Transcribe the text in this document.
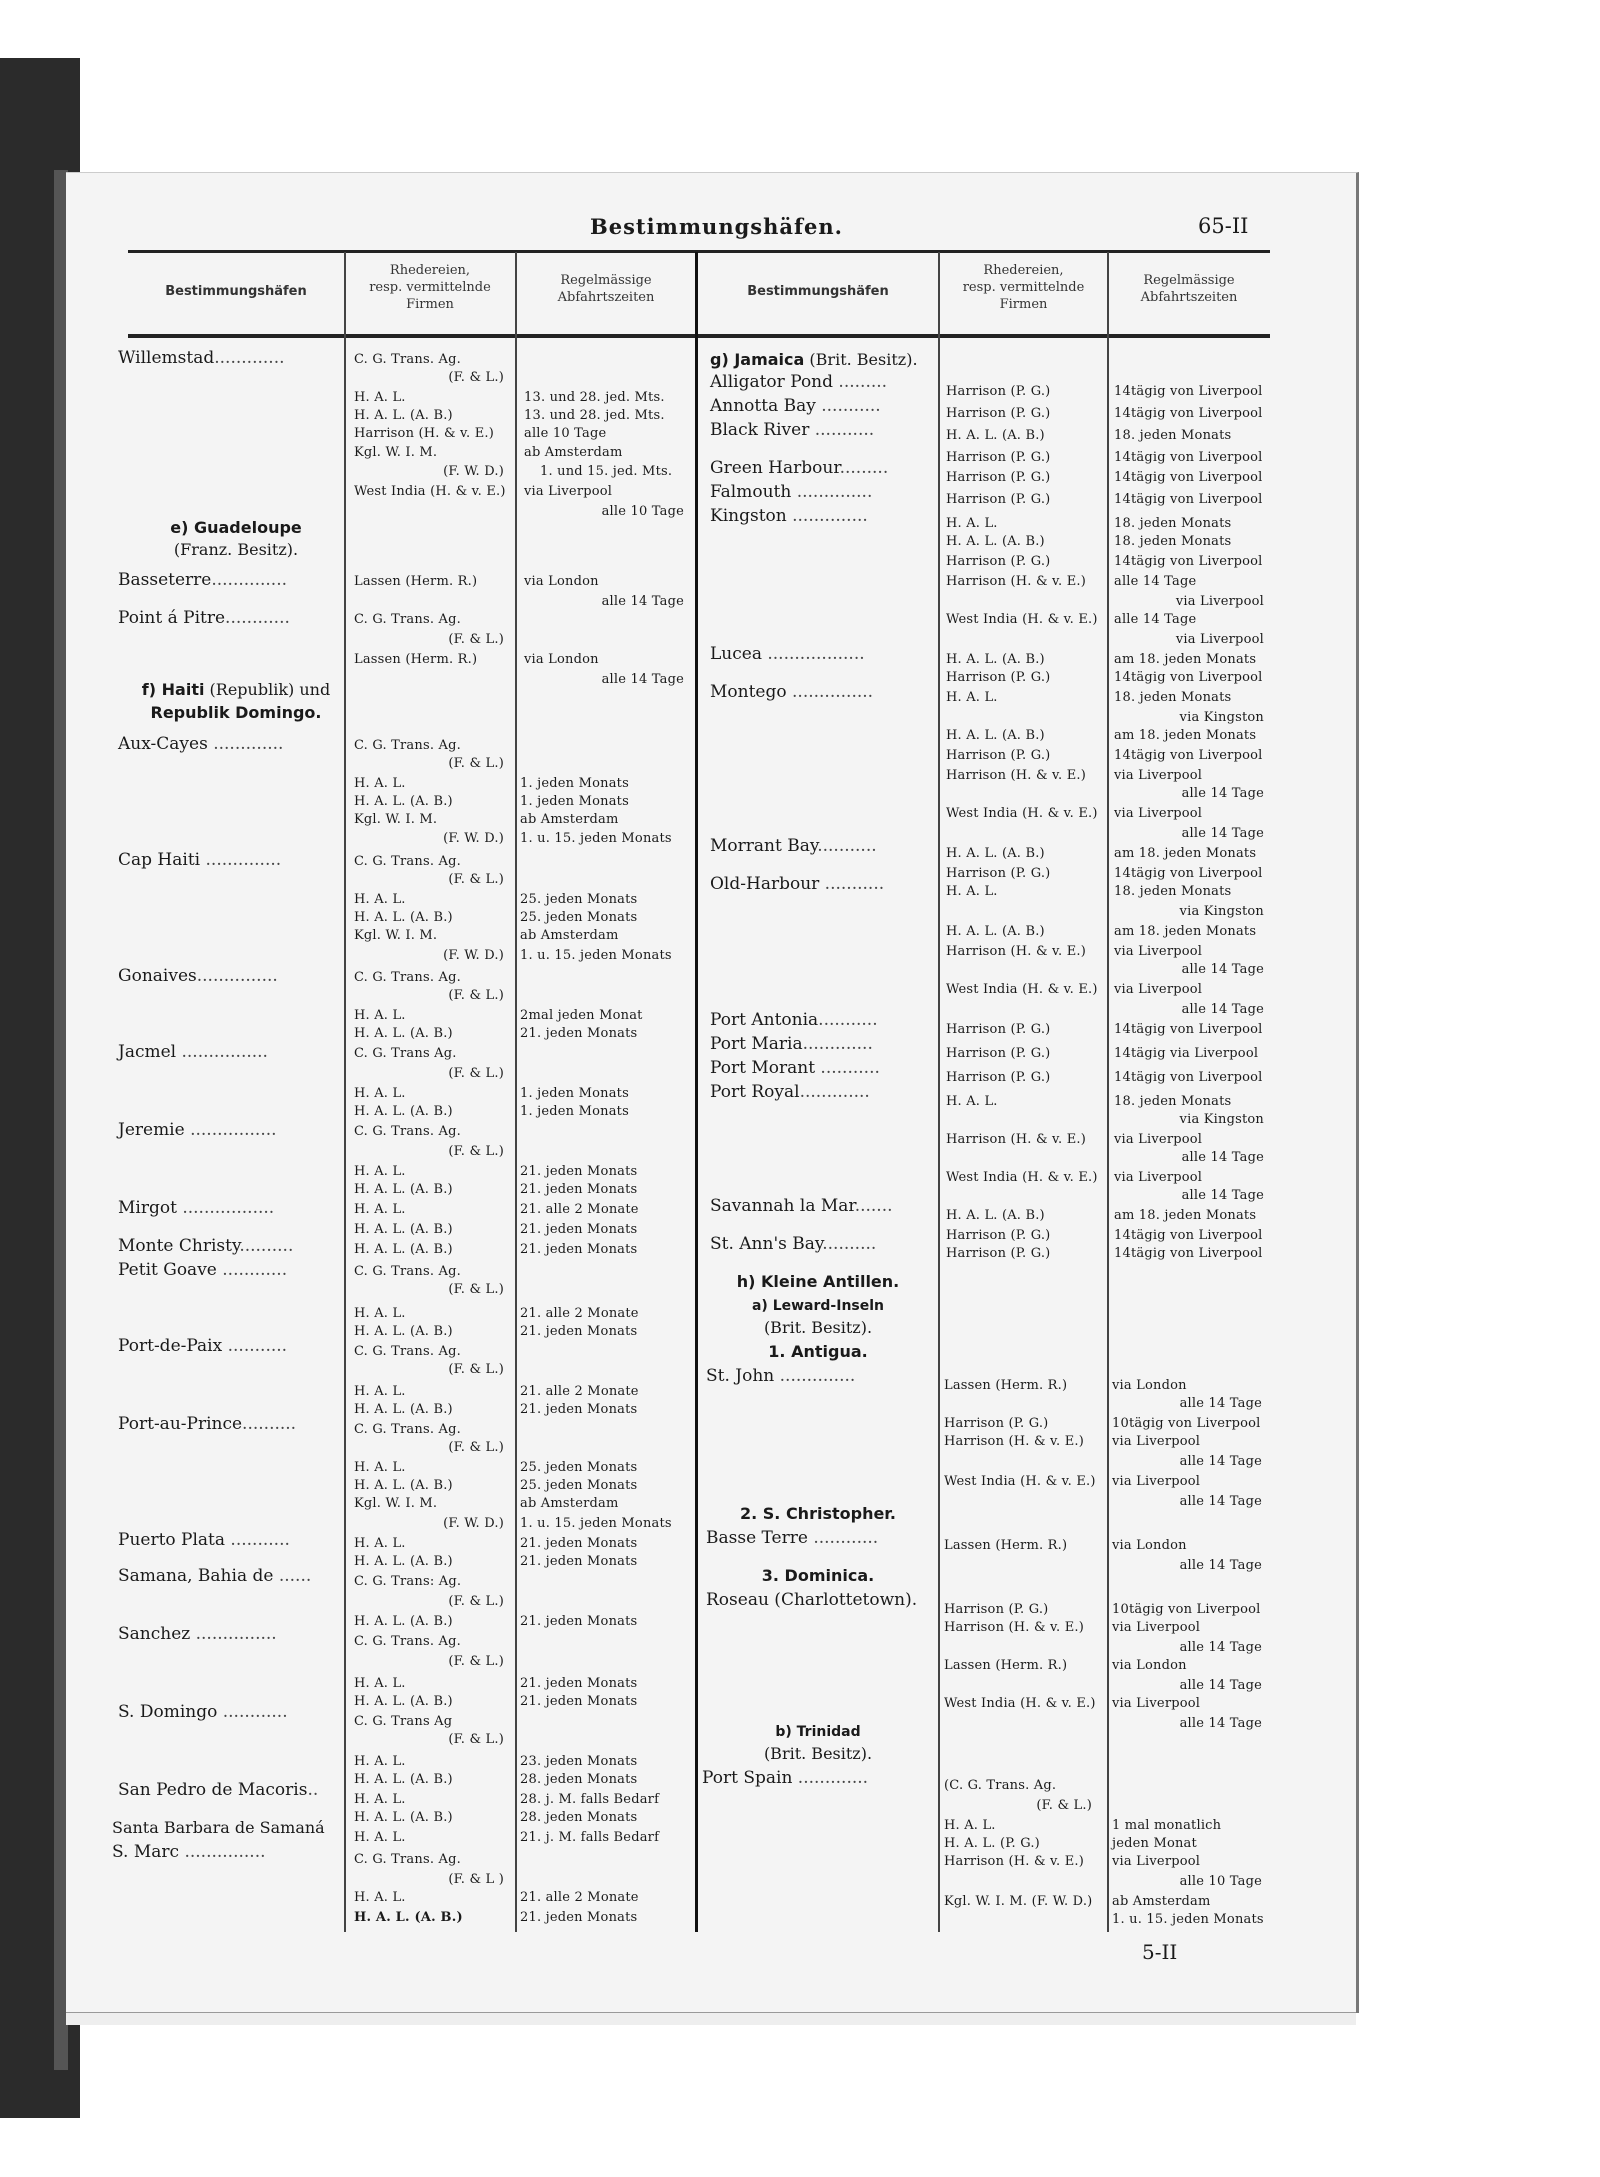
Bestimmungshäfen.	65-II
Bestimmungshäfen
Rhedereien,
resp. vermittelnde
Firmen
Regelmässige
Abfahrtszeiten	Bestimmungshäfen
Rhedereien,
resp. vermittelnde
Firmen
Regelmässige
Abfahrtszeiten
Willemstad.............
e) Guadeloupe
(Franz. Besitz).
Basseterre..............
Point á Pitre............
f) Haiti (Republik) und
Republik Domingo.
Aux-Cayes .............
Cap Haiti ..............
Gonaives...............
Jacmel ................
Jeremie ................
Mirgot .................
Monte Christy..........
Petit Goave ............
Port-de-Paix ...........
Port-au-Prince..........
Puerto Plata ...........
Samana, Bahia de ......
Sanchez ...............
S. Domingo ............
San Pedro de Macoris..
Santa Barbara de Samaná
S. Marc ...............
C. G. Trans. Ag.
(F. & L.)
H. A. L.
H. A. L. (A. B.)
Harrison (H. & v. E.)
Kgl. W. I. M.
(F. W. D.)
West India (H. & v. E.)
Lassen (Herm. R.)
C. G. Trans. Ag.
(F. & L.)
Lassen (Herm. R.)
C. G. Trans. Ag.
(F. & L.)
H. A. L.
H. A. L. (A. B.)
Kgl. W. I. M.
(F. W. D.)
C. G. Trans. Ag.
(F. & L.)
H. A. L.
H. A. L. (A. B.)
Kgl. W. I. M.
(F. W. D.)
C. G. Trans. Ag.
(F. & L.)
H. A. L.
H. A. L. (A. B.)
C. G. Trans Ag.
(F. & L.)
H. A. L.
H. A. L. (A. B.)
C. G. Trans. Ag.
(F. & L.)
H. A. L.
H. A. L. (A. B.)
H. A. L.
H. A. L. (A. B.)
H. A. L. (A. B.)
C. G. Trans. Ag.
(F. & L.)
H. A. L.
H. A. L. (A. B.)
C. G. Trans. Ag.
(F. & L.)
H. A. L.
H. A. L. (A. B.)
C. G. Trans. Ag.
(F. & L.)
H. A. L.
H. A. L. (A. B.)
Kgl. W. I. M.
(F. W. D.)
H. A. L.
H. A. L. (A. B.)
C. G. Trans: Ag.
(F. & L.)
H. A. L. (A. B.)
C. G. Trans. Ag.
(F. & L.)
H. A. L.
H. A. L. (A. B.)
C. G. Trans Ag
(F. & L.)
H. A. L.
H. A. L. (A. B.)
H. A. L.
H. A. L. (A. B.)
H. A. L.
C. G. Trans. Ag.
(F. & L )
H. A. L.
H. A. L. (A. B.)
13. und 28. jed. Mts.
13. und 28. jed. Mts.
alle 10 Tage
ab Amsterdam
1. und 15. jed. Mts.
via Liverpool
alle 10 Tage
via London
alle 14 Tage
via London
alle 14 Tage
1. jeden Monats
1. jeden Monats
ab Amsterdam
1. u. 15. jeden Monats
25. jeden Monats
25. jeden Monats
ab Amsterdam
1. u. 15. jeden Monats
2mal jeden Monat
21. jeden Monats
1. jeden Monats
1. jeden Monats
21. jeden Monats
21. jeden Monats
21. alle 2 Monate
21. jeden Monats
21. jeden Monats
21. alle 2 Monate
21. jeden Monats
21. alle 2 Monate
21. jeden Monats
25. jeden Monats
25. jeden Monats
ab Amsterdam
1. u. 15. jeden Monats
21. jeden Monats
21. jeden Monats
21. jeden Monats
21. jeden Monats
21. jeden Monats
23. jeden Monats
28. jeden Monats
28. j. M. falls Bedarf
28. jeden Monats
21. j. M. falls Bedarf
21. alle 2 Monate
21. jeden Monats
g) Jamaica (Brit. Besitz).
Alligator Pond .........
Annotta Bay ...........
Black River ...........
Green Harbour.........
Falmouth ..............
Kingston ..............
Lucea ..................
Montego ...............
Morrant Bay...........
Old-Harbour ...........
Port Antonia...........
Port Maria.............
Port Morant ...........
Port Royal.............
Savannah la Mar.......
St. Ann's Bay..........
h) Kleine Antillen.
a) Leward-Inseln
(Brit. Besitz).
1. Antigua.
St. John ..............
2. S. Christopher.
Basse Terre ............
3. Dominica.
Roseau (Charlottetown).
b) Trinidad
(Brit. Besitz).
Port Spain .............
Harrison (P. G.)
Harrison (P. G.)
H. A. L. (A. B.)
Harrison (P. G.)
Harrison (P. G.)
Harrison (P. G.)
H. A. L.
H. A. L. (A. B.)
Harrison (P. G.)
Harrison (H. & v. E.)
West India (H. & v. E.)
H. A. L. (A. B.)
Harrison (P. G.)
H. A. L.
H. A. L. (A. B.)
Harrison (P. G.)
Harrison (H. & v. E.)
West India (H. & v. E.)
H. A. L. (A. B.)
Harrison (P. G.)
H. A. L.
H. A. L. (A. B.)
Harrison (H. & v. E.)
West India (H. & v. E.)
Harrison (P. G.)
Harrison (P. G.)
Harrison (P. G.)
H. A. L.
Harrison (H. & v. E.)
West India (H. & v. E.)
H. A. L. (A. B.)
Harrison (P. G.)
Harrison (P. G.)
Lassen (Herm. R.)
Harrison (P. G.)
Harrison (H. & v. E.)
West India (H. & v. E.)
Lassen (Herm. R.)
Harrison (P. G.)
Harrison (H. & v. E.)
Lassen (Herm. R.)
West India (H. & v. E.)
(C. G. Trans. Ag.
(F. & L.)
H. A. L.
H. A. L. (P. G.)
Harrison (H. & v. E.)
Kgl. W. I. M. (F. W. D.)
14tägig von Liverpool
14tägig von Liverpool
18. jeden Monats
14tägig von Liverpool
14tägig von Liverpool
14tägig von Liverpool
18. jeden Monats
18. jeden Monats
14tägig von Liverpool
alle 14 Tage
via Liverpool
alle 14 Tage
via Liverpool
am 18. jeden Monats
14tägig von Liverpool
18. jeden Monats
via Kingston
am 18. jeden Monats
14tägig von Liverpool
via Liverpool
alle 14 Tage
via Liverpool
alle 14 Tage
am 18. jeden Monats
14tägig von Liverpool
18. jeden Monats
via Kingston
am 18. jeden Monats
via Liverpool
alle 14 Tage
via Liverpool
alle 14 Tage
14tägig von Liverpool
14tägig via Liverpool
14tägig von Liverpool
18. jeden Monats
via Kingston
via Liverpool
alle 14 Tage
via Liverpool
alle 14 Tage
am 18. jeden Monats
14tägig von Liverpool
14tägig von Liverpool
via London
alle 14 Tage
10tägig von Liverpool
via Liverpool
alle 14 Tage
via Liverpool
alle 14 Tage
via London
alle 14 Tage
10tägig von Liverpool
via Liverpool
alle 14 Tage
via London
alle 14 Tage
via Liverpool
alle 14 Tage
1 mal monatlich
jeden Monat
via Liverpool
alle 10 Tage
ab Amsterdam
1. u. 15. jeden Monats
5-II
